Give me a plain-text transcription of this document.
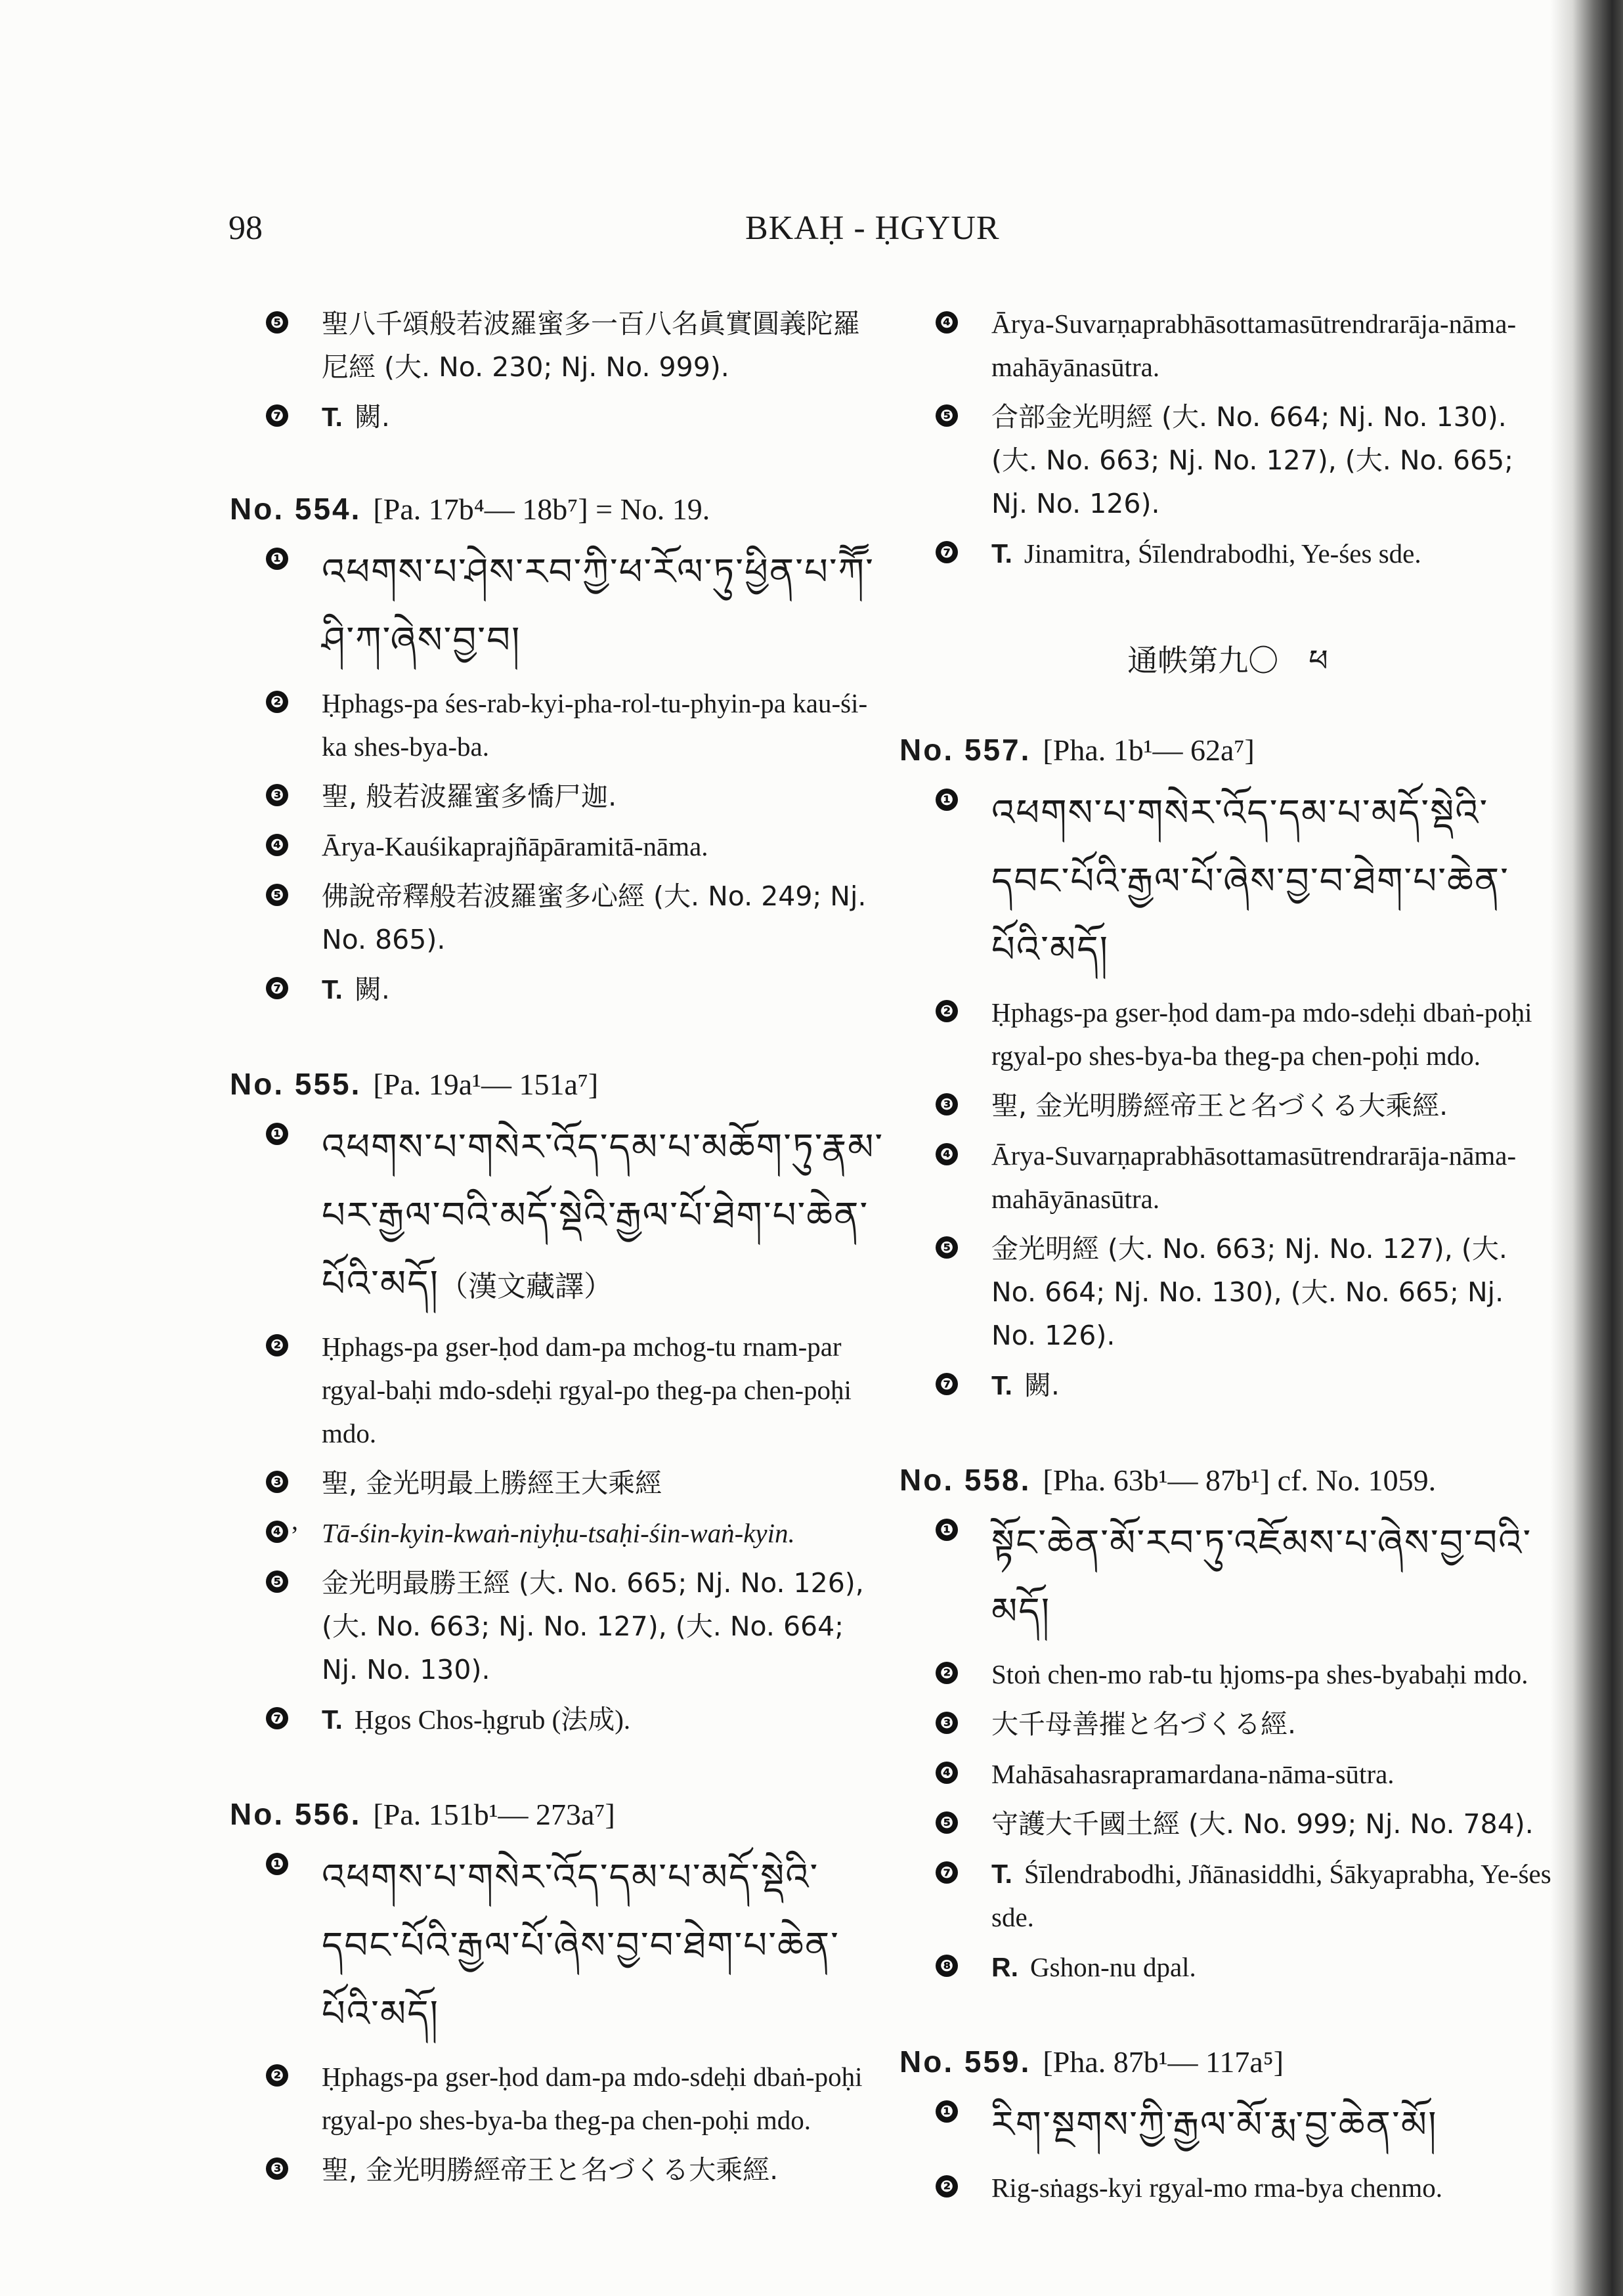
98	BKAḤ - ḤGYUR
❺ 聖八千頌般若波羅蜜多一百八名眞實圓義陀羅尼經 (大. No. 230; Nj. No. 999).
❼ T. 闕.
No. 554. [Pa. 17b⁴— 18b⁷] = No. 19.
❶ འཕགས་པ་ཤེས་རབ་ཀྱི་ཕ་རོལ་ཏུ་ཕྱིན་པ་ཀཽ་ཤི་ཀ་ཞེས་བྱ་བ།
❷ Ḥphags-pa śes-rab-kyi-pha-rol-tu-phyin-pa kau-śi-ka shes-bya-ba.
❸ 聖, 般若波羅蜜多憍尸迦.
❹ Ārya-Kauśikaprajñāpāramitā-nāma.
❺ 佛說帝釋般若波羅蜜多心經 (大. No. 249; Nj. No. 865).
❼ T. 闕.
No. 555. [Pa. 19a¹— 151a⁷]
❶ འཕགས་པ་གསེར་འོད་དམ་པ་མཆོག་ཏུ་རྣམ་པར་རྒྱལ་བའི་མདོ་སྡེའི་རྒྱལ་པོ་ཐེག་པ་ཆེན་པོའི་མདོ།（漢文藏譯）
❷ Ḥphags-pa gser-ḥod dam-pa mchog-tu rnam-par rgyal-baḥi mdo-sdeḥi rgyal-po theg-pa chen-poḥi mdo.
❸ 聖, 金光明最上勝經王大乘經
❹ ’ Tā-śin-kyin-kwaṅ-niyḥu-tsaḥi-śin-waṅ-kyin.
❺ 金光明最勝王經 (大. No. 665; Nj. No. 126), (大. No. 663; Nj. No. 127), (大. No. 664; Nj. No. 130).
❼ T. Ḥgos Chos-ḥgrub (法成).
No. 556. [Pa. 151b¹— 273a⁷]
❶ འཕགས་པ་གསེར་འོད་དམ་པ་མདོ་སྡེའི་དབང་པོའི་རྒྱལ་པོ་ཞེས་བྱ་བ་ཐེག་པ་ཆེན་པོའི་མདོ།
❷ Ḥphags-pa gser-ḥod dam-pa mdo-sdeḥi dbaṅ-poḥi rgyal-po shes-bya-ba theg-pa chen-poḥi mdo.
❸ 聖, 金光明勝經帝王と名づくる大乘經.
❹ Ārya-Suvarṇaprabhāsottamasūtrendrarāja-nāma-mahāyānasūtra.
❺ 合部金光明經 (大. No. 664; Nj. No. 130). (大. No. 663; Nj. No. 127), (大. No. 665; Nj. No. 126).
❼ T. Jinamitra, Śīlendrabodhi, Ye-śes sde.
通帙第九〇　ཕ
No. 557. [Pha. 1b¹— 62a⁷]
❶ འཕགས་པ་གསེར་འོད་དམ་པ་མདོ་སྡེའི་དབང་པོའི་རྒྱལ་པོ་ཞེས་བྱ་བ་ཐེག་པ་ཆེན་པོའི་མདོ།
❷ Ḥphags-pa gser-ḥod dam-pa mdo-sdeḥi dbaṅ-poḥi rgyal-po shes-bya-ba theg-pa chen-poḥi mdo.
❸ 聖, 金光明勝經帝王と名づくる大乘經.
❹ Ārya-Suvarṇaprabhāsottamasūtrendrarāja-nāma-mahāyānasūtra.
❺ 金光明經 (大. No. 663; Nj. No. 127), (大. No. 664; Nj. No. 130), (大. No. 665; Nj. No. 126).
❼ T. 闕.
No. 558. [Pha. 63b¹— 87b¹] cf. No. 1059.
❶ སྟོང་ཆེན་མོ་རབ་ཏུ་འཇོམས་པ་ཞེས་བྱ་བའི་མདོ།
❷ Stoṅ chen-mo rab-tu ḥjoms-pa shes-byabaḥi mdo.
❸ 大千母善摧と名づくる經.
❹ Mahāsahasrapramardana-nāma-sūtra.
❺ 守護大千國土經 (大. No. 999; Nj. No. 784).
❼ T. Śīlendrabodhi, Jñānasiddhi, Śākyaprabha, Ye-śes sde.
❽ R. Gshon-nu dpal.
No. 559. [Pha. 87b¹— 117a⁵]
❶ རིག་སྔགས་ཀྱི་རྒྱལ་མོ་རྨ་བྱ་ཆེན་མོ།
❷ Rig-sṅags-kyi rgyal-mo rma-bya chenmo.
